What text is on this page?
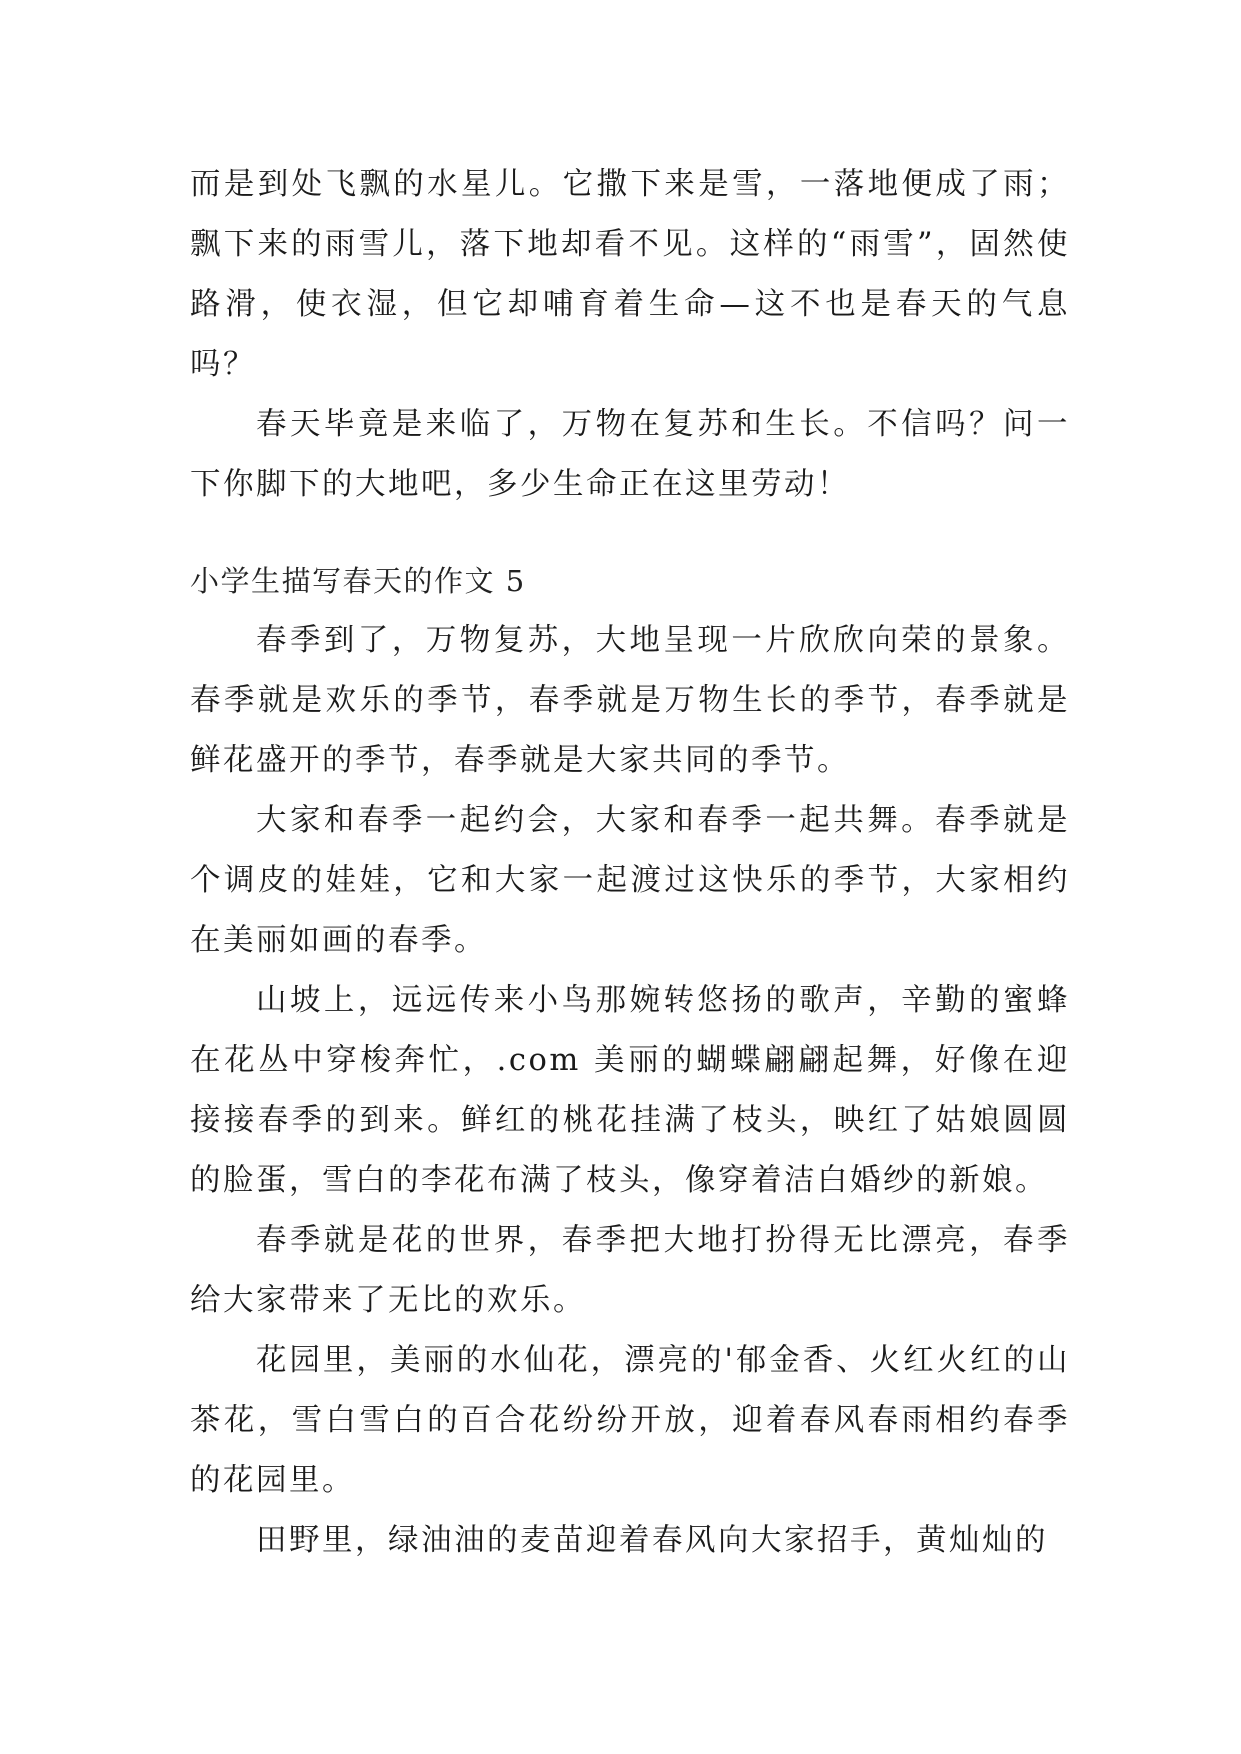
而是到处飞飘的水星儿。它撒下来是雪，一落地便成了雨；飘下来的雨雪儿，落下地却看不见。这样的“雨雪”，固然使路滑，使衣湿，但它却哺育着生命—这不也是春天的气息吗？

春天毕竟是来临了，万物在复苏和生长。不信吗？问一下你脚下的大地吧，多少生命正在这里劳动！

小学生描写春天的作文 5

春季到了，万物复苏，大地呈现一片欣欣向荣的景象。春季就是欢乐的季节，春季就是万物生长的季节，春季就是鲜花盛开的季节，春季就是大家共同的季节。

大家和春季一起约会，大家和春季一起共舞。春季就是个调皮的娃娃，它和大家一起渡过这快乐的季节，大家相约在美丽如画的春季。

山坡上，远远传来小鸟那婉转悠扬的歌声，辛勤的蜜蜂在花丛中穿梭奔忙，.com 美丽的蝴蝶翩翩起舞，好像在迎接接春季的到来。鲜红的桃花挂满了枝头，映红了姑娘圆圆的脸蛋，雪白的李花布满了枝头，像穿着洁白婚纱的新娘。

春季就是花的世界，春季把大地打扮得无比漂亮，春季给大家带来了无比的欢乐。

花园里，美丽的水仙花，漂亮的'郁金香、火红火红的山茶花，雪白雪白的百合花纷纷开放，迎着春风春雨相约春季的花园里。

田野里，绿油油的麦苗迎着春风向大家招手，黄灿灿的
